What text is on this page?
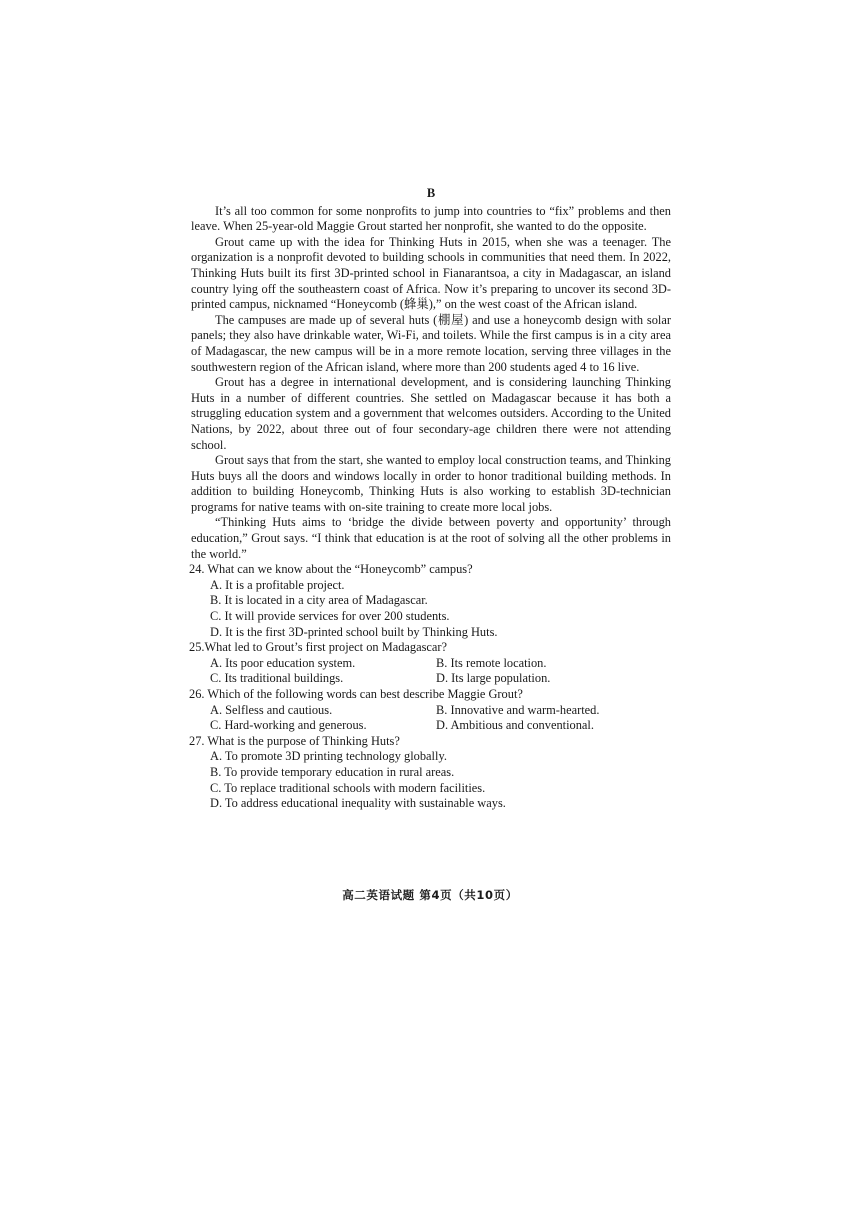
B

It’s all too common for some nonprofits to jump into countries to “fix” problems and then leave. When 25-year-old Maggie Grout started her nonprofit, she wanted to do the opposite.

Grout came up with the idea for Thinking Huts in 2015, when she was a teenager. The organization is a nonprofit devoted to building schools in communities that need them. In 2022, Thinking Huts built its first 3D-printed school in Fianarantsoa, a city in Madagascar, an island country lying off the southeastern coast of Africa. Now it’s preparing to uncover its second 3D-printed campus, nicknamed “Honeycomb (蜂巢),” on the west coast of the African island.

The campuses are made up of several huts (棚屋) and use a honeycomb design with solar panels; they also have drinkable water, Wi-Fi, and toilets. While the first campus is in a city area of Madagascar, the new campus will be in a more remote location, serving three villages in the southwestern region of the African island, where more than 200 students aged 4 to 16 live.

Grout has a degree in international development, and is considering launching Thinking Huts in a number of different countries. She settled on Madagascar because it has both a struggling education system and a government that welcomes outsiders. According to the United Nations, by 2022, about three out of four secondary-age children there were not attending school.

Grout says that from the start, she wanted to employ local construction teams, and Thinking Huts buys all the doors and windows locally in order to honor traditional building methods. In addition to building Honeycomb, Thinking Huts is also working to establish 3D-technician programs for native teams with on-site training to create more local jobs.

“Thinking Huts aims to ‘bridge the divide between poverty and opportunity’ through education,” Grout says. “I think that education is at the root of solving all the other problems in the world.”

24. What can we know about the “Honeycomb” campus?
A. It is a profitable project.
B. It is located in a city area of Madagascar.
C. It will provide services for over 200 students.
D. It is the first 3D-printed school built by Thinking Huts.
25.What led to Grout’s first project on Madagascar?
A. Its poor education system.	B. Its remote location.
C. Its traditional buildings.	D. Its large population.
26. Which of the following words can best describe Maggie Grout?
A. Selfless and cautious.	B. Innovative and warm-hearted.
C. Hard-working and generous.	D. Ambitious and conventional.
27. What is the purpose of Thinking Huts?
A. To promote 3D printing technology globally.
B. To provide temporary education in rural areas.
C. To replace traditional schools with modern facilities.
D. To address educational inequality with sustainable ways.
高二英语试题 第4页（共10页）
